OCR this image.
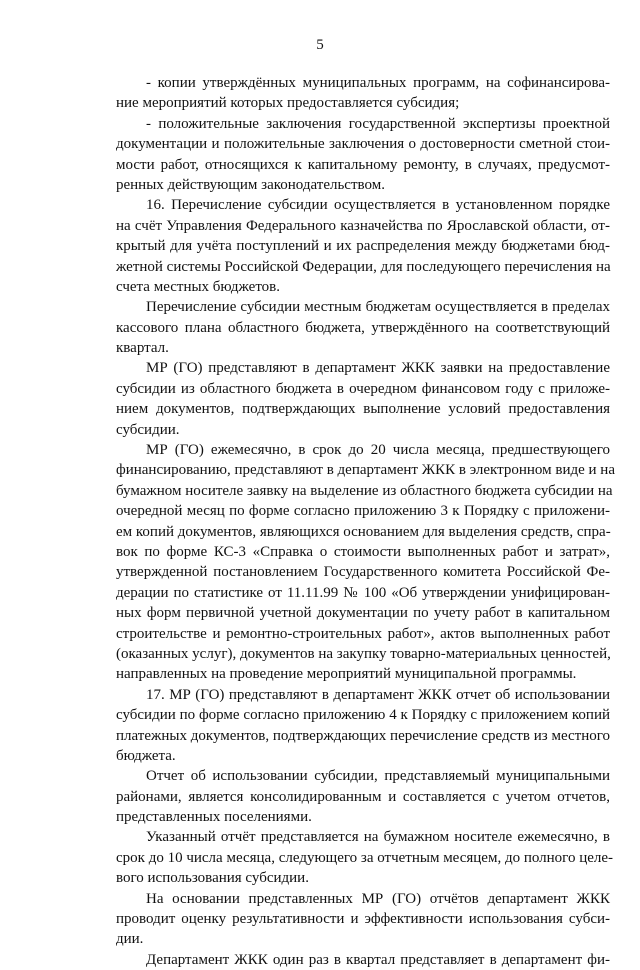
5
- копии утверждённых муниципальных программ, на софинансирова-
ние мероприятий которых предоставляется субсидия;
- положительные заключения государственной экспертизы проектной
документации и положительные заключения о достоверности сметной стои-
мости работ, относящихся к капитальному ремонту, в случаях, предусмот-
ренных действующим законодательством.
16. Перечисление субсидии осуществляется в установленном порядке
на счёт Управления Федерального казначейства по Ярославской области, от-
крытый для учёта поступлений и их распределения между бюджетами бюд-
жетной системы Российской Федерации, для последующего перечисления на
счета местных бюджетов.
Перечисление субсидии местным бюджетам осуществляется в пределах
кассового плана областного бюджета, утверждённого на соответствующий
квартал.
МР (ГО) представляют в департамент ЖКК заявки на предоставление
субсидии из областного бюджета в очередном финансовом году с приложе-
нием документов, подтверждающих выполнение условий предоставления
субсидии.
МР (ГО) ежемесячно, в срок до 20 числа месяца, предшествующего
финансированию, представляют в департамент ЖКК в электронном виде и на
бумажном носителе заявку на выделение из областного бюджета субсидии на
очередной месяц по форме согласно приложению 3 к Порядку с приложени-
ем копий документов, являющихся основанием для выделения средств, спра-
вок по форме КС-3 «Справка о стоимости выполненных работ и затрат»,
утвержденной постановлением Государственного комитета Российской Фе-
дерации по статистике от 11.11.99 № 100 «Об утверждении унифицирован-
ных форм первичной учетной документации по учету работ в капитальном
строительстве и ремонтно-строительных работ», актов выполненных работ
(оказанных услуг), документов на закупку товарно-материальных ценностей,
направленных на проведение мероприятий муниципальной программы.
17. МР (ГО) представляют в департамент ЖКК отчет об использовании
субсидии по форме согласно приложению 4 к Порядку с приложением копий
платежных документов, подтверждающих перечисление средств из местного
бюджета.
Отчет об использовании субсидии, представляемый муниципальными
районами, является консолидированным и составляется с учетом отчетов,
представленных поселениями.
Указанный отчёт представляется на бумажном носителе ежемесячно, в
срок до 10 числа месяца, следующего за отчетным месяцем, до полного целе-
вого использования субсидии.
На основании представленных МР (ГО) отчётов департамент ЖКК
проводит оценку результативности и эффективности использования субси-
дии.
Департамент ЖКК один раз в квартал представляет в департамент фи-
